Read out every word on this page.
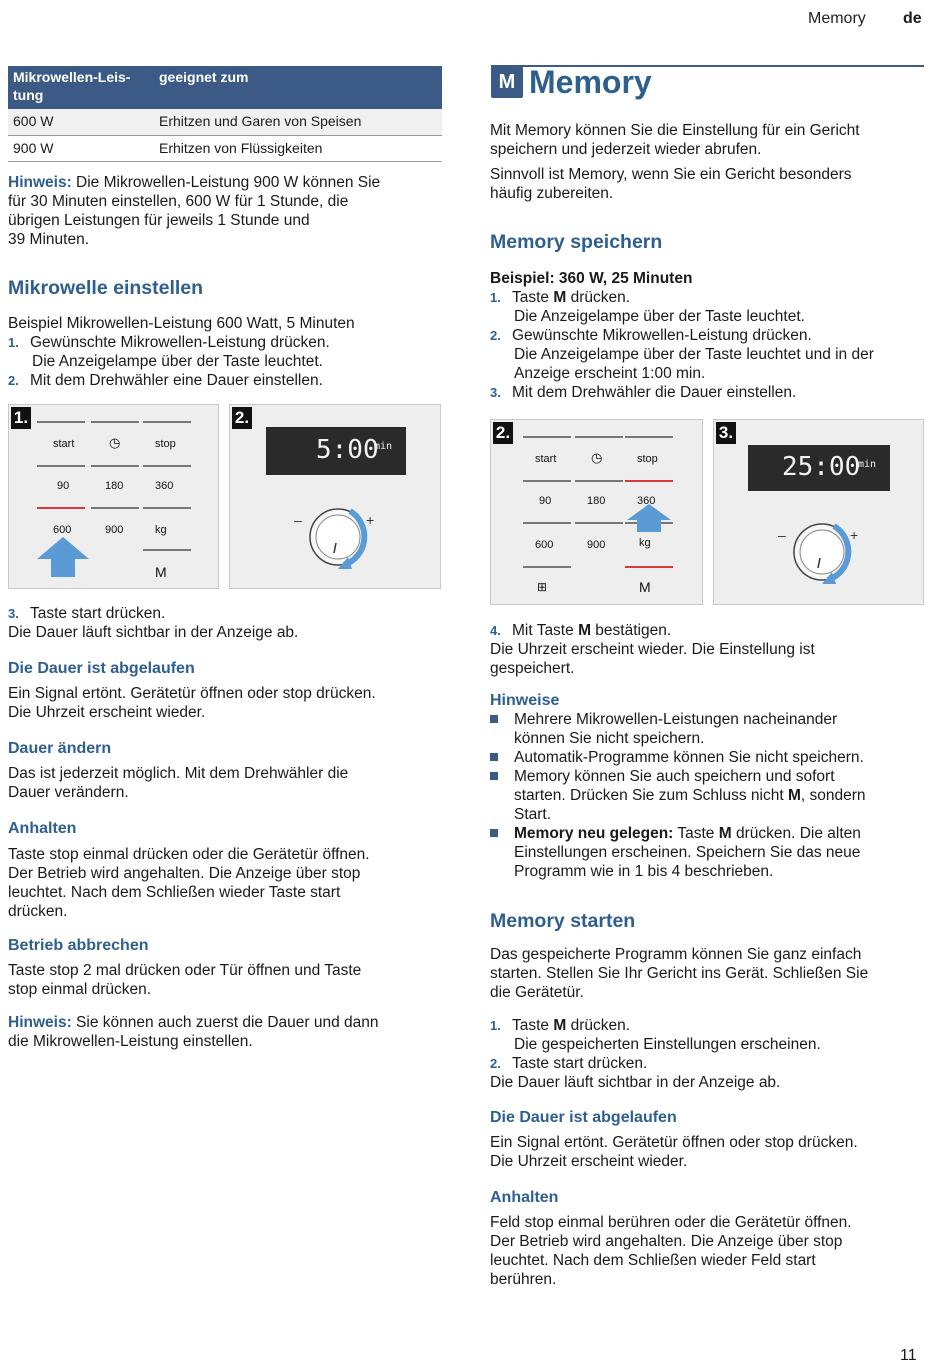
Memory de
Mikrowellen-Leis-
tung	geeignet zum
600 W	Erhitzen und Garen von Speisen
900 W	Erhitzen von Flüssigkeiten

Hinweis: Die Mikrowellen-Leistung 900 W können Sie

für 30 Minuten einstellen, 600 W für 1 Stunde, die

übrigen Leistungen für jeweils 1 Stunde und

39 Minuten.

Mikrowelle einstellen

Beispiel Mikrowellen-Leistung 600 Watt, 5 Minuten

1. Gewünschte Mikrowellen-Leistung drücken.

Die Anzeigelampe über der Taste leuchtet.

2. Mit dem Drehwähler eine Dauer einstellen.

1.
start	◷	stop
90	180	360
600	900	kg
M
2.
5:00
min
–	+

3. Taste start drücken.

Die Dauer läuft sichtbar in der Anzeige ab.

Die Dauer ist abgelaufen

Ein Signal ertönt. Gerätetür öffnen oder stop drücken.

Die Uhrzeit erscheint wieder.

Dauer ändern

Das ist jederzeit möglich. Mit dem Drehwähler die

Dauer verändern.

Anhalten

Taste stop einmal drücken oder die Gerätetür öffnen.

Der Betrieb wird angehalten. Die Anzeige über stop

leuchtet. Nach dem Schließen wieder Taste start

drücken.

Betrieb abbrechen

Taste stop 2 mal drücken oder Tür öffnen und Taste

stop einmal drücken.

Hinweis: Sie können auch zuerst die Dauer und dann

die Mikrowellen-Leistung einstellen.

M Memory

Mit Memory können Sie die Einstellung für ein Gericht

speichern und jederzeit wieder abrufen.

Sinnvoll ist Memory, wenn Sie ein Gericht besonders

häufig zubereiten.

Memory speichern

Beispiel: 360 W, 25 Minuten

1. Taste M drücken.

Die Anzeigelampe über der Taste leuchtet.

2. Gewünschte Mikrowellen-Leistung drücken.

Die Anzeigelampe über der Taste leuchtet und in der

Anzeige erscheint 1:00 min.

3. Mit dem Drehwähler die Dauer einstellen.

2.
start	◷	stop
90	180	360
600	900	kg
⊞	M
3.
25:00
min
–	+

4. Mit Taste M bestätigen.

Die Uhrzeit erscheint wieder. Die Einstellung ist

gespeichert.

Hinweise

Mehrere Mikrowellen-Leistungen nacheinander

können Sie nicht speichern.

Automatik-Programme können Sie nicht speichern.

Memory können Sie auch speichern und sofort

starten. Drücken Sie zum Schluss nicht M, sondern

Start.

Memory neu gelegen: Taste M drücken. Die alten

Einstellungen erscheinen. Speichern Sie das neue

Programm wie in 1 bis 4 beschrieben.

Memory starten

Das gespeicherte Programm können Sie ganz einfach

starten. Stellen Sie Ihr Gericht ins Gerät. Schließen Sie

die Gerätetür.

1. Taste M drücken.

Die gespeicherten Einstellungen erscheinen.

2. Taste start drücken.

Die Dauer läuft sichtbar in der Anzeige ab.

Die Dauer ist abgelaufen

Ein Signal ertönt. Gerätetür öffnen oder stop drücken.

Die Uhrzeit erscheint wieder.

Anhalten

Feld stop einmal berühren oder die Gerätetür öffnen.

Der Betrieb wird angehalten. Die Anzeige über stop

leuchtet. Nach dem Schließen wieder Feld start

berühren.

11
